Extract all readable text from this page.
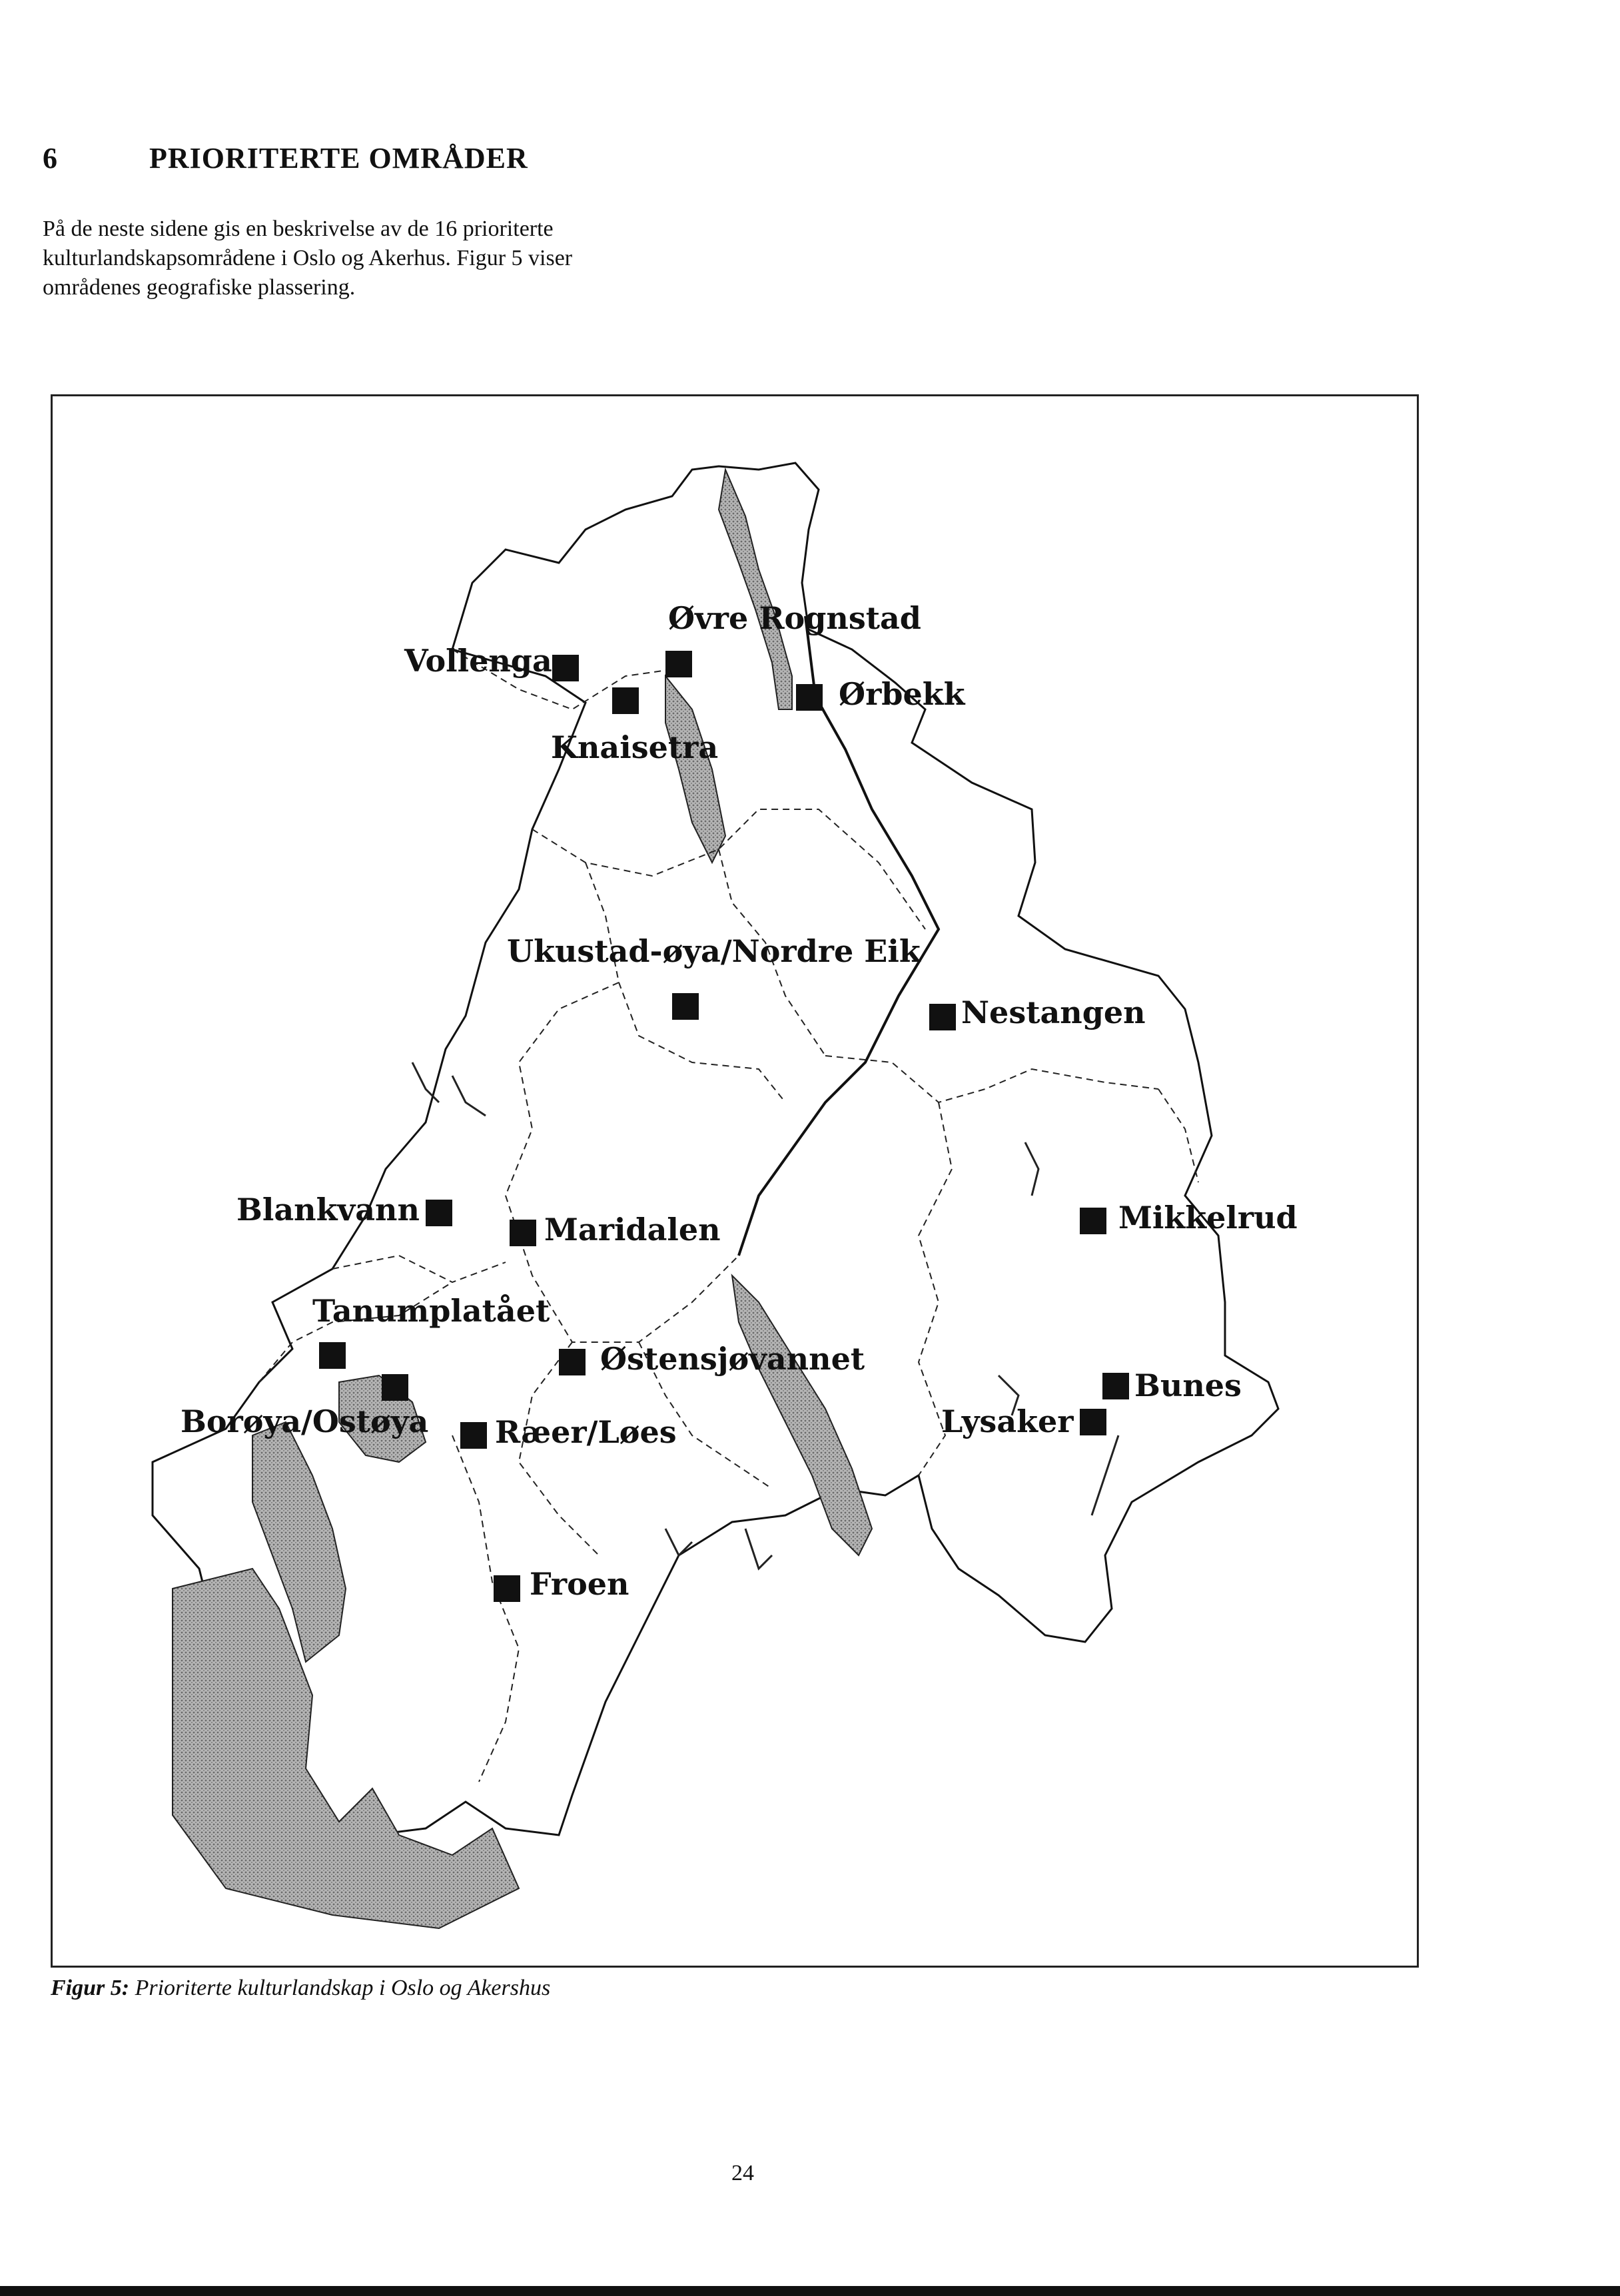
6	PRIORITERTE OMRÅDER

På de neste sidene gis en beskrivelse av de 16 prioriterte

kulturlandskapsområdene i Oslo og Akerhus. Figur 5 viser

områdenes geografiske plassering.

Vollenga
Øvre Rognstad
Ørbekk
Knaisetra
Ukustad-øya/Nordre Eik
Nestangen
Blankvann
Maridalen	Mikkelrud
Tanumplatået
Østensjøvannet
Bunes
Borøya/Ostøya Ræer/Løes	Lysaker
Froen
Figur 5: Prioriterte kulturlandskap i Oslo og Akershus
24
